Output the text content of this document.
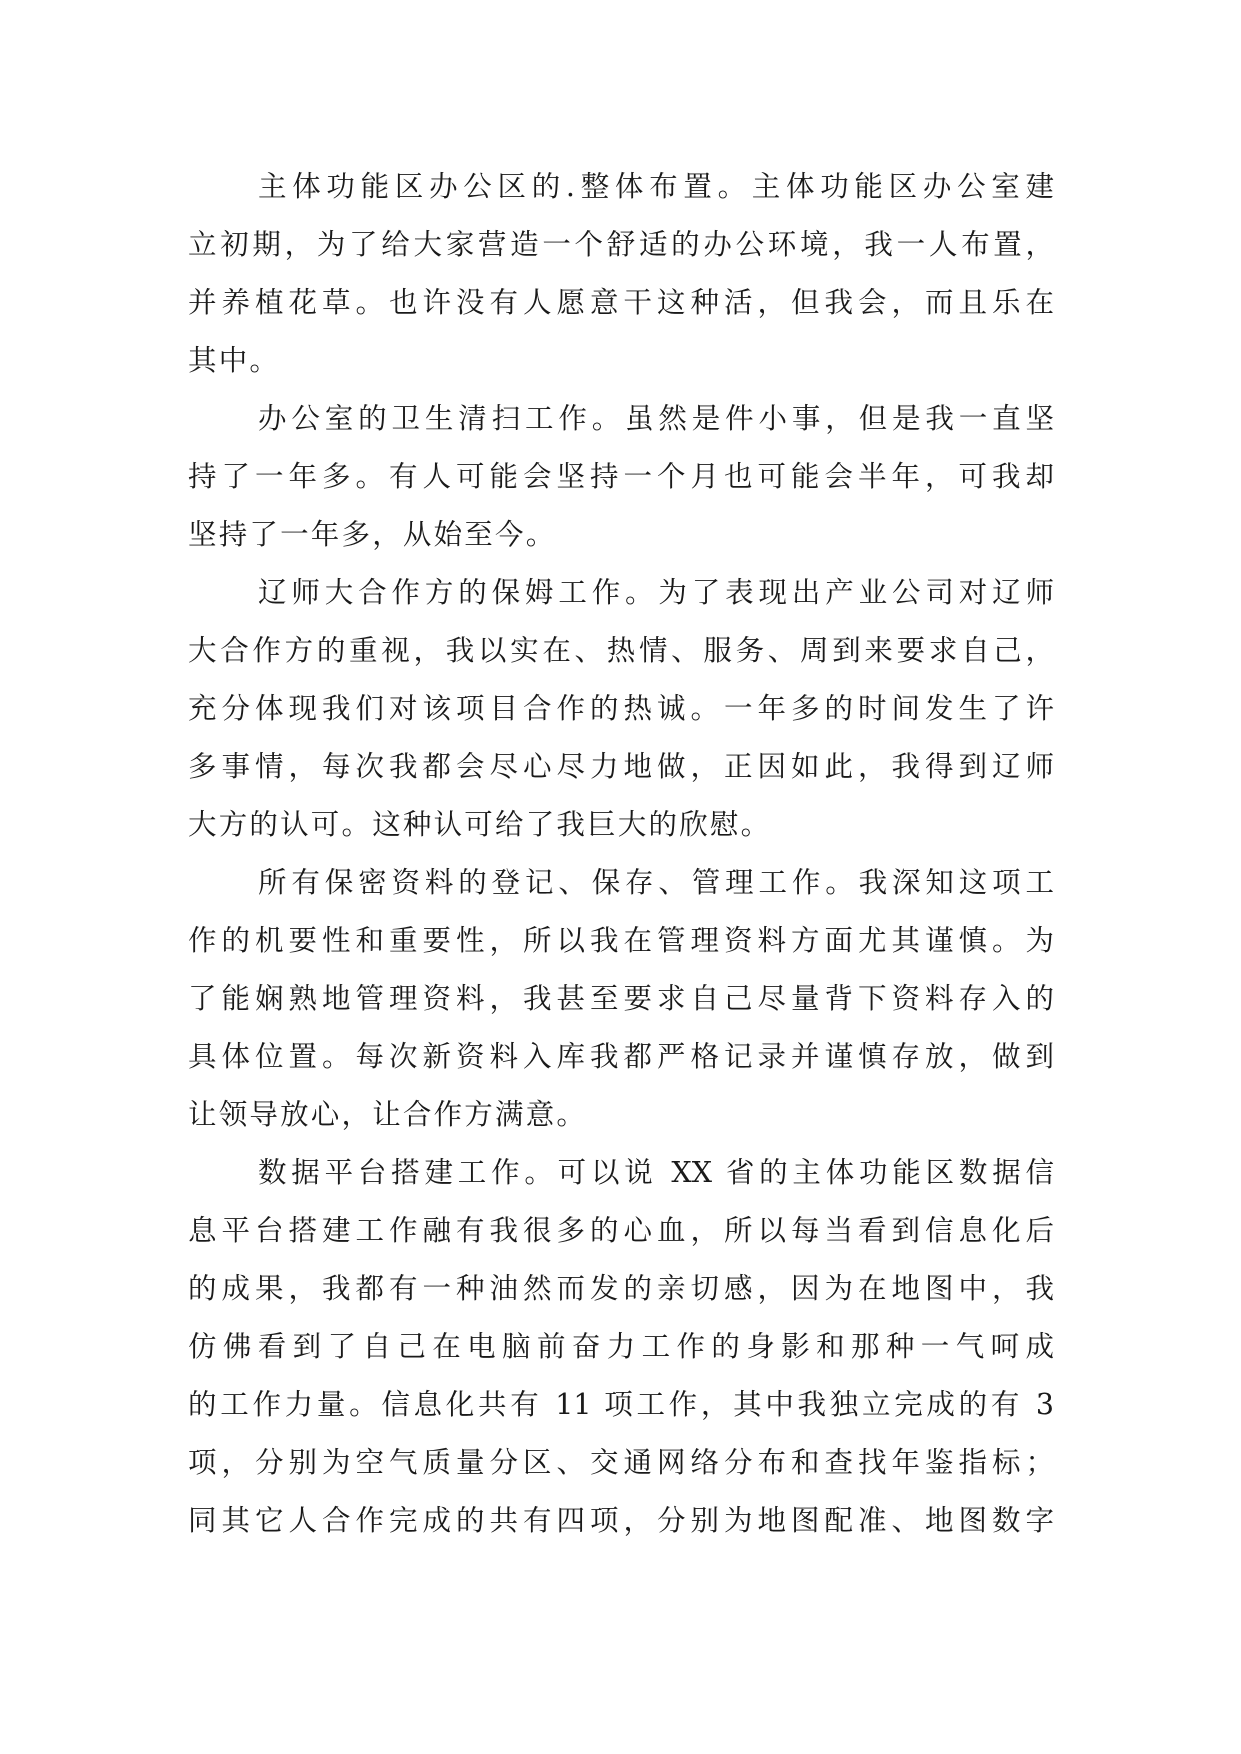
主体功能区办公区的.整体布置。主体功能区办公室建
立初期，为了给大家营造一个舒适的办公环境，我一人布置，
并养植花草。也许没有人愿意干这种活，但我会，而且乐在
其中。
办公室的卫生清扫工作。虽然是件小事，但是我一直坚
持了一年多。有人可能会坚持一个月也可能会半年，可我却
坚持了一年多，从始至今。
辽师大合作方的保姆工作。为了表现出产业公司对辽师
大合作方的重视，我以实在、热情、服务、周到来要求自己，
充分体现我们对该项目合作的热诚。一年多的时间发生了许
多事情，每次我都会尽心尽力地做，正因如此，我得到辽师
大方的认可。这种认可给了我巨大的欣慰。
所有保密资料的登记、保存、管理工作。我深知这项工
作的机要性和重要性，所以我在管理资料方面尤其谨慎。为
了能娴熟地管理资料，我甚至要求自己尽量背下资料存入的
具体位置。每次新资料入库我都严格记录并谨慎存放，做到
让领导放心，让合作方满意。
数据平台搭建工作。可以说 XX 省的主体功能区数据信
息平台搭建工作融有我很多的心血，所以每当看到信息化后
的成果，我都有一种油然而发的亲切感，因为在地图中，我
仿佛看到了自己在电脑前奋力工作的身影和那种一气呵成
的工作力量。信息化共有 11 项工作，其中我独立完成的有 3
项，分别为空气质量分区、交通网络分布和查找年鉴指标；
同其它人合作完成的共有四项，分别为地图配准、地图数字
